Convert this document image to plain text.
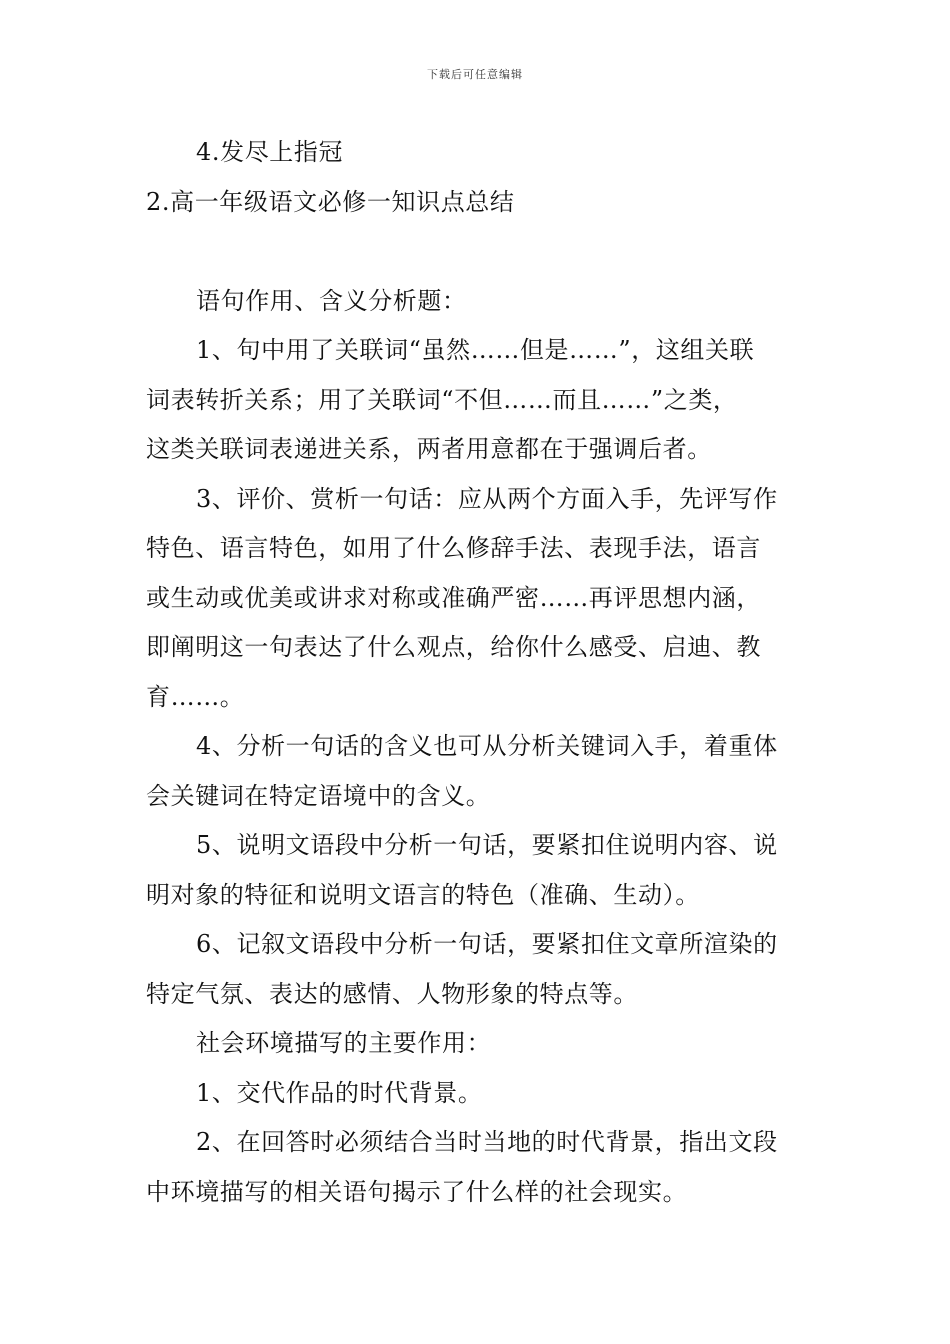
下载后可任意编辑
4.发尽上指冠
2.高一年级语文必修一知识点总结
语句作用、含义分析题：
1、句中用了关联词“虽然……但是……”，这组关联
词表转折关系；用了关联词“不但……而且……”之类，
这类关联词表递进关系，两者用意都在于强调后者。
3、评价、赏析一句话：应从两个方面入手，先评写作
特色、语言特色，如用了什么修辞手法、表现手法，语言
或生动或优美或讲求对称或准确严密……再评思想内涵，
即阐明这一句表达了什么观点，给你什么感受、启迪、教
育……。
4、分析一句话的含义也可从分析关键词入手，着重体
会关键词在特定语境中的含义。
5、说明文语段中分析一句话，要紧扣住说明内容、说
明对象的特征和说明文语言的特色（准确、生动）。
6、记叙文语段中分析一句话，要紧扣住文章所渲染的
特定气氛、表达的感情、人物形象的特点等。
社会环境描写的主要作用：
1、交代作品的时代背景。
2、在回答时必须结合当时当地的时代背景，指出文段
中环境描写的相关语句揭示了什么样的社会现实。
